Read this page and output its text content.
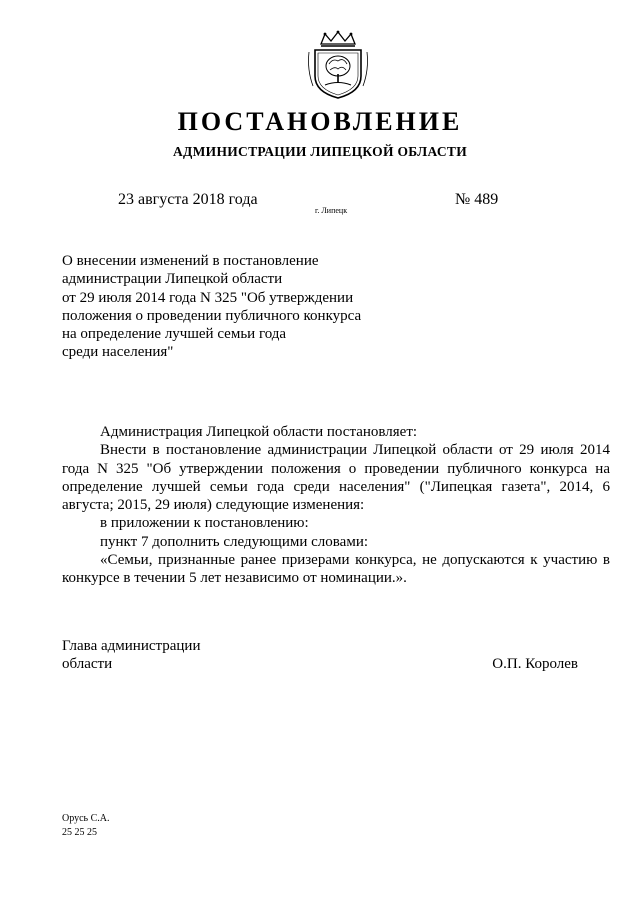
ПОСТАНОВЛЕНИЕ
АДМИНИСТРАЦИИ ЛИПЕЦКОЙ ОБЛАСТИ
23 августа 2018 года
г. Липецк
№ 489
О внесении изменений в постановление
администрации Липецкой области
от 29 июля 2014 года N 325 "Об утверждении
положения о проведении публичного конкурса
на определение лучшей семьи года
среди населения"

Администрация Липецкой области постановляет:

Внести в постановление администрации Липецкой области от 29 июля 2014 года N 325 "Об утверждении положения о проведении публичного конкурса на определение лучшей семьи года среди населения" ("Липецкая газета", 2014, 6 августа; 2015, 29 июля) следующие изменения:

в приложении к постановлению:

пункт 7 дополнить следующими словами:

«Семьи, признанные ранее призерами конкурса, не допускаются к участию в конкурсе в течении 5 лет независимо от номинации.».

Глава администрации
области	О.П. Королев
Орусь С.А.
25 25 25
